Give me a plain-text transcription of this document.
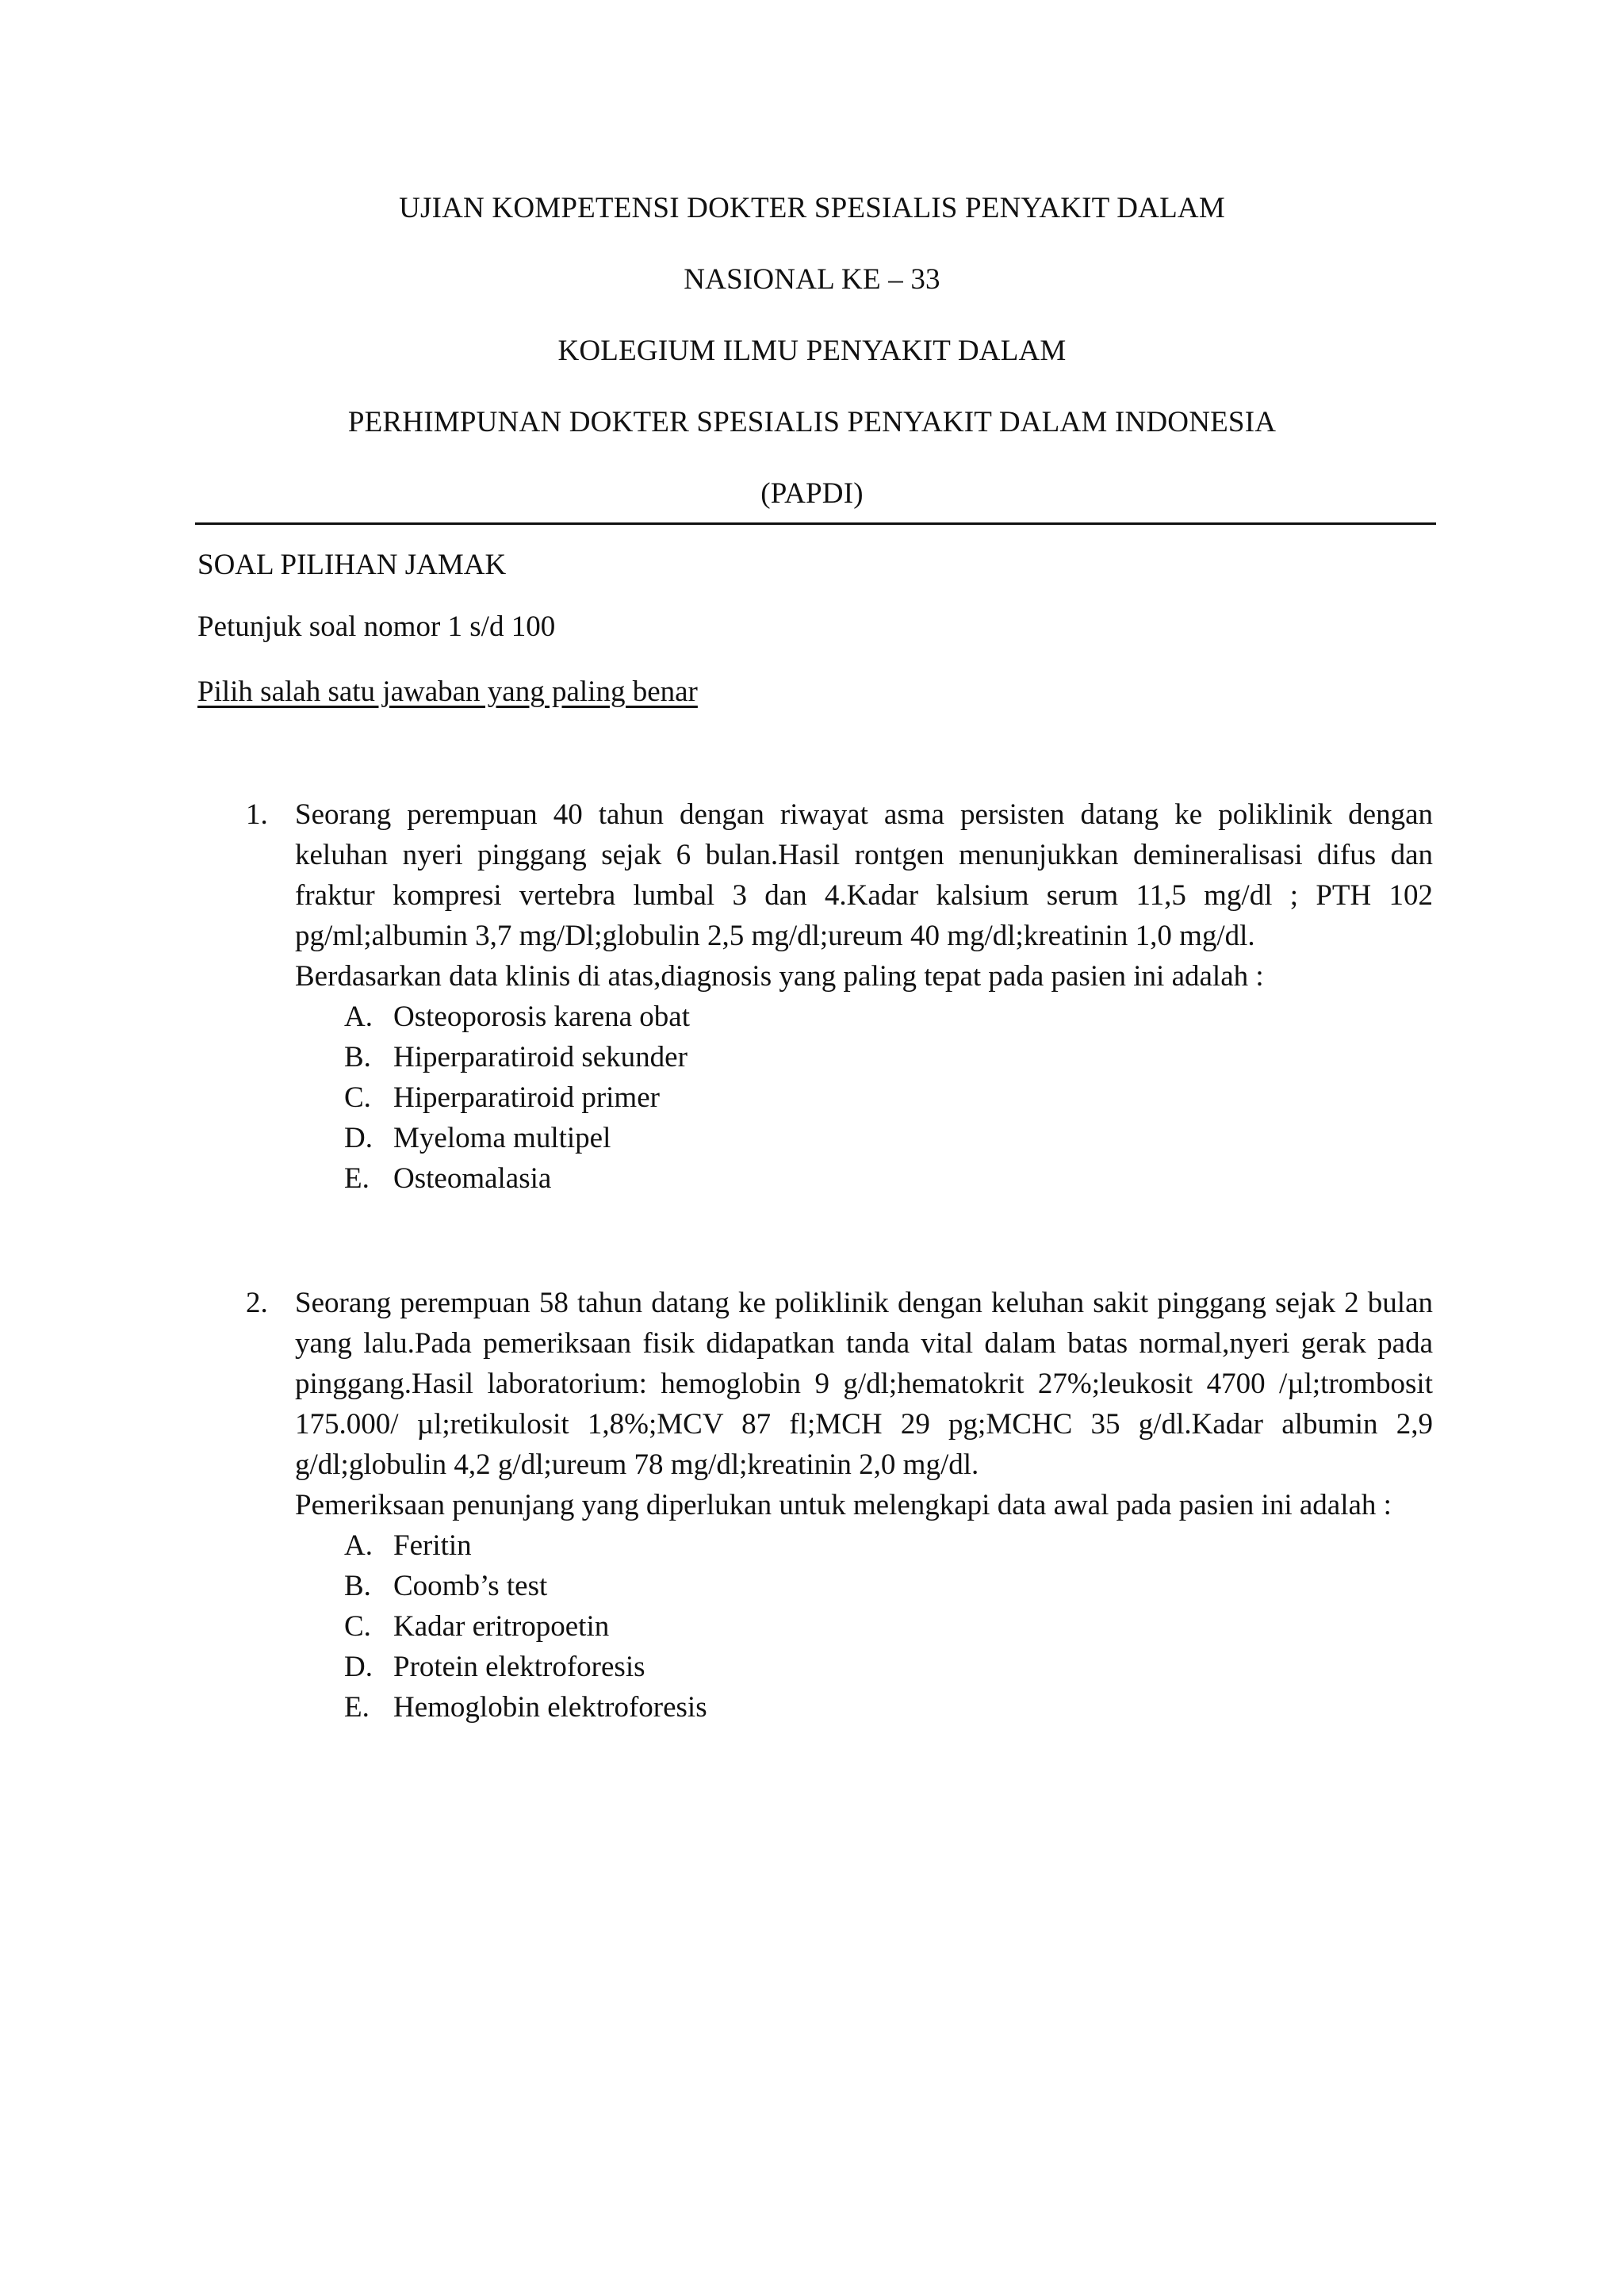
UJIAN KOMPETENSI DOKTER SPESIALIS PENYAKIT DALAM
NASIONAL KE – 33
KOLEGIUM ILMU PENYAKIT DALAM
PERHIMPUNAN DOKTER SPESIALIS PENYAKIT DALAM INDONESIA
(PAPDI)
SOAL PILIHAN JAMAK
Petunjuk soal nomor 1 s/d 100
Pilih salah satu jawaban yang paling benar
1. Seorang perempuan 40 tahun dengan riwayat asma persisten datang ke poliklinik dengan keluhan nyeri pinggang sejak 6 bulan.Hasil rontgen menunjukkan demineralisasi difus dan fraktur kompresi vertebra lumbal 3 dan 4.Kadar kalsium serum 11,5 mg/dl ; PTH 102 pg/ml;albumin 3,7 mg/Dl;globulin 2,5 mg/dl;ureum 40 mg/dl;kreatinin 1,0 mg/dl.

Berdasarkan data klinis di atas,diagnosis yang paling tepat pada pasien ini adalah :

A. Osteoporosis karena obat
B. Hiperparatiroid sekunder
C. Hiperparatiroid primer
D. Myeloma multipel
E. Osteomalasia
2. Seorang perempuan 58 tahun datang ke poliklinik dengan keluhan sakit pinggang sejak 2 bulan yang lalu.Pada pemeriksaan fisik didapatkan tanda vital dalam batas normal,nyeri gerak pada pinggang.Hasil laboratorium: hemoglobin 9 g/dl;hematokrit 27%;leukosit 4700 /µl;trombosit 175.000/ µl;retikulosit 1,8%;MCV 87 fl;MCH 29 pg;MCHC 35 g/dl.Kadar albumin 2,9 g/dl;globulin 4,2 g/dl;ureum 78 mg/dl;kreatinin 2,0 mg/dl.

Pemeriksaan penunjang yang diperlukan untuk melengkapi data awal pada pasien ini adalah :

A. Feritin
B. Coomb’s test
C. Kadar eritropoetin
D. Protein elektroforesis
E. Hemoglobin elektroforesis
